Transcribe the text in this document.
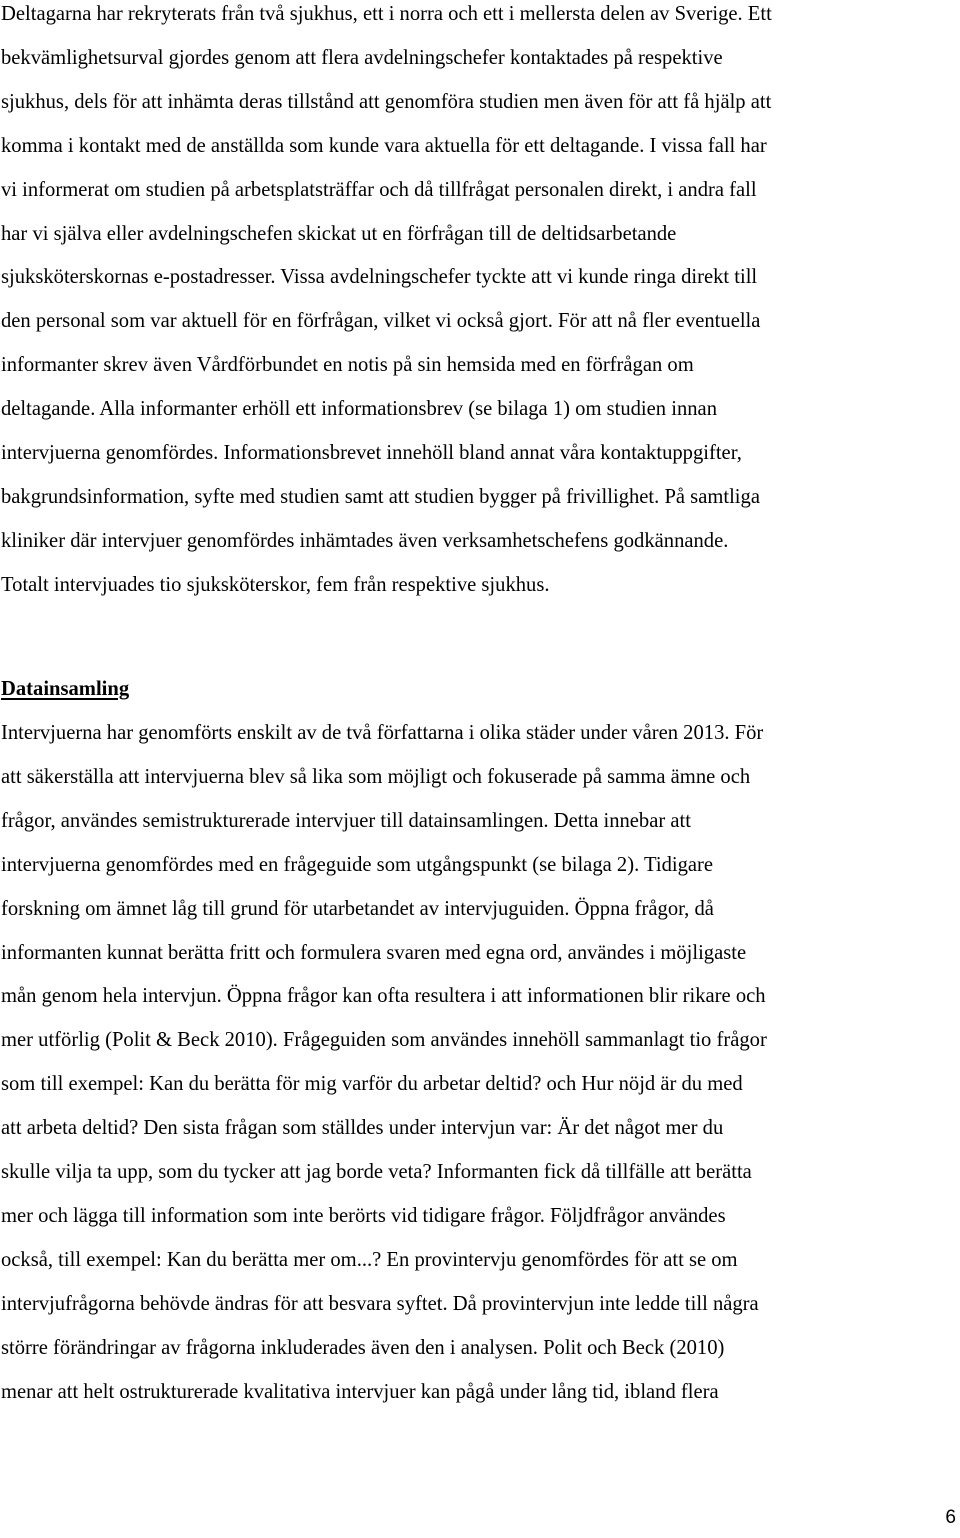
Deltagarna har rekryterats från två sjukhus, ett i norra och ett i mellersta delen av Sverige. Ett
bekvämlighetsurval gjordes genom att flera avdelningschefer kontaktades på respektive
sjukhus, dels för att inhämta deras tillstånd att genomföra studien men även för att få hjälp att
komma i kontakt med de anställda som kunde vara aktuella för ett deltagande. I vissa fall har
vi informerat om studien på arbetsplatsträffar och då tillfrågat personalen direkt, i andra fall
har vi själva eller avdelningschefen skickat ut en förfrågan till de deltidsarbetande
sjuksköterskornas e-postadresser. Vissa avdelningschefer tyckte att vi kunde ringa direkt till
den personal som var aktuell för en förfrågan, vilket vi också gjort. För att nå fler eventuella
informanter skrev även Vårdförbundet en notis på sin hemsida med en förfrågan om
deltagande. Alla informanter erhöll ett informationsbrev (se bilaga 1) om studien innan
intervjuerna genomfördes. Informationsbrevet innehöll bland annat våra kontaktuppgifter,
bakgrundsinformation, syfte med studien samt att studien bygger på frivillighet. På samtliga
kliniker där intervjuer genomfördes inhämtades även verksamhetschefens godkännande.
Totalt intervjuades tio sjuksköterskor, fem från respektive sjukhus.
Datainsamling
Intervjuerna har genomförts enskilt av de två författarna i olika städer under våren 2013. För
att säkerställa att intervjuerna blev så lika som möjligt och fokuserade på samma ämne och
frågor, användes semistrukturerade intervjuer till datainsamlingen. Detta innebar att
intervjuerna genomfördes med en frågeguide som utgångspunkt (se bilaga 2). Tidigare
forskning om ämnet låg till grund för utarbetandet av intervjuguiden. Öppna frågor, då
informanten kunnat berätta fritt och formulera svaren med egna ord, användes i möjligaste
mån genom hela intervjun. Öppna frågor kan ofta resultera i att informationen blir rikare och
mer utförlig (Polit & Beck 2010). Frågeguiden som användes innehöll sammanlagt tio frågor
som till exempel: Kan du berätta för mig varför du arbetar deltid? och Hur nöjd är du med
att arbeta deltid? Den sista frågan som ställdes under intervjun var: Är det något mer du
skulle vilja ta upp, som du tycker att jag borde veta? Informanten fick då tillfälle att berätta
mer och lägga till information som inte berörts vid tidigare frågor. Följdfrågor användes
också, till exempel: Kan du berätta mer om...? En provintervju genomfördes för att se om
intervjufrågorna behövde ändras för att besvara syftet. Då provintervjun inte ledde till några
större förändringar av frågorna inkluderades även den i analysen. Polit och Beck (2010)
menar att helt ostrukturerade kvalitativa intervjuer kan pågå under lång tid, ibland flera
6
